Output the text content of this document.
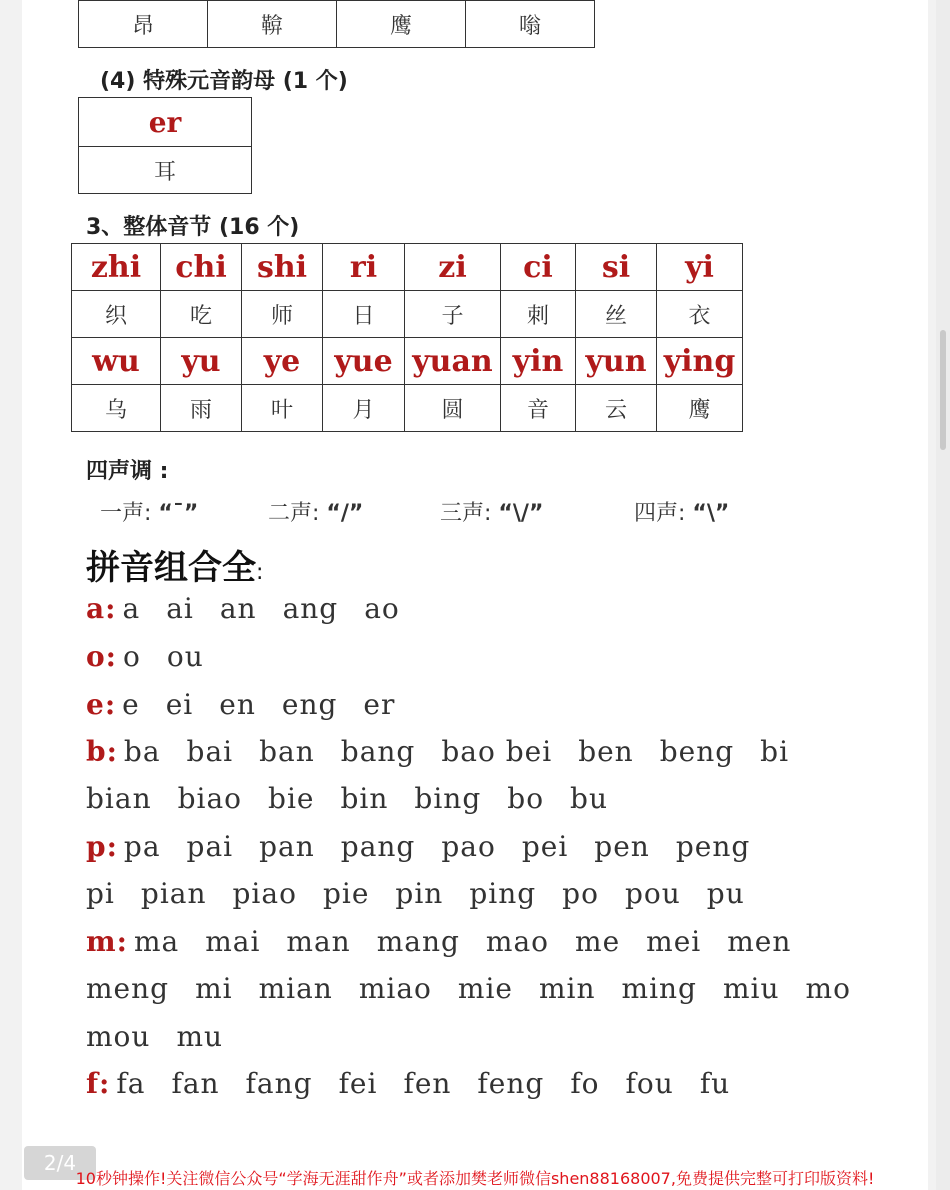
昂	鞥	鹰	嗡
(4) 特殊元音韵母 (1 个)
er
耳
3、整体音节 (16 个)
zhi	chi	shi	ri	zi	ci	si	yi
织	吃	师	日	子	刺	丝	衣
wu	yu	ye	yue	yuan	yin	yun	ying
乌	雨	叶	月	圆	音	云	鹰
四声调 :
一声: “ˉ”	二声: “/”	三声: “\/”	四声: “\”
拼音组合全:
a: a ai an ang ao
o: o ou
e: e ei en eng er
b: ba bai ban bang bao bei ben beng bi
bian biao bie bin bing bo bu
p: pa pai pan pang pao pei pen peng
pi pian piao pie pin ping po pou pu
m: ma mai man mang mao me mei men
meng mi mian miao mie min ming miu mo
mou mu
f: fa fan fang fei fen feng fo fou fu
2/4
10秒钟操作!关注微信公众号“学海无涯甜作舟”或者添加樊老师微信shen88168007,免费提供完整可打印版资料!
